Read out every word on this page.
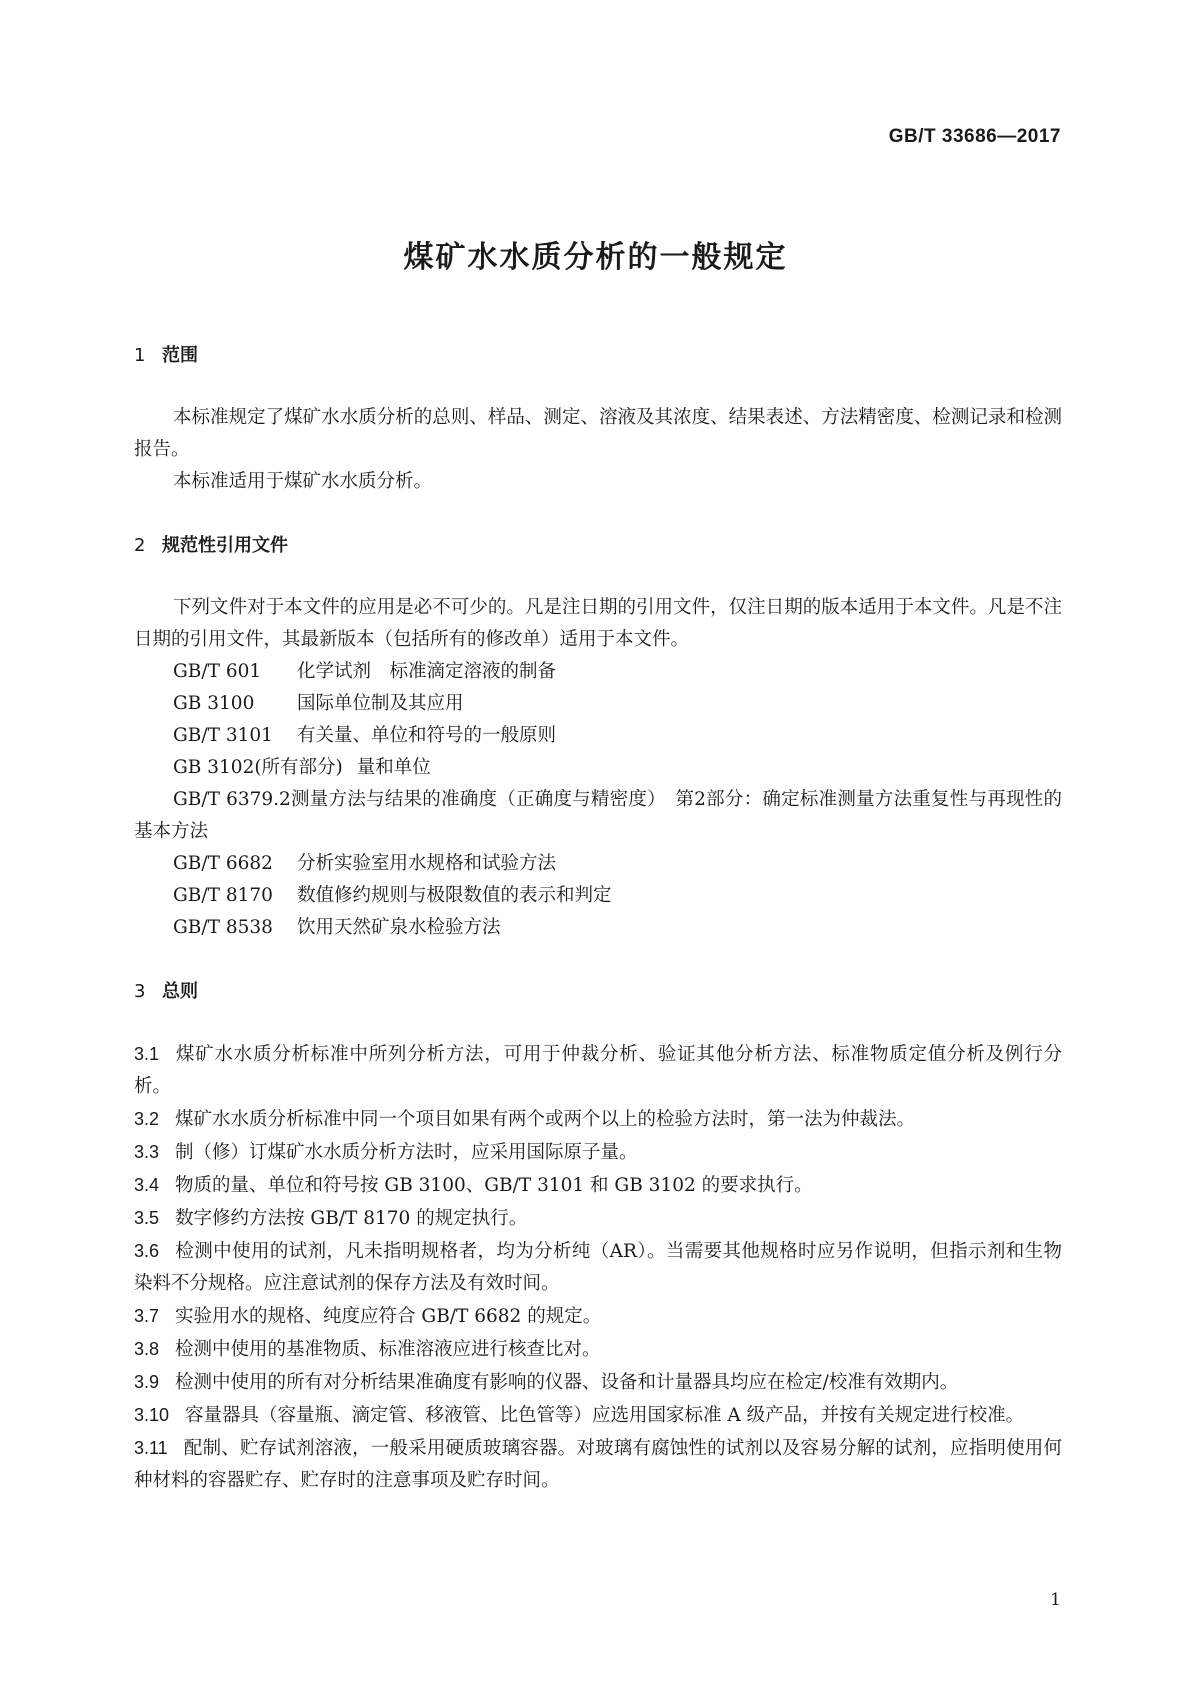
GB/T 33686—2017
煤矿水水质分析的一般规定
1 范围
本标准规定了煤矿水水质分析的总则、样品、测定、溶液及其浓度、结果表述、方法精密度、检测记录和检测报告。
本标准适用于煤矿水水质分析。
2 规范性引用文件
下列文件对于本文件的应用是必不可少的。凡是注日期的引用文件，仅注日期的版本适用于本文件。凡是不注日期的引用文件，其最新版本（包括所有的修改单）适用于本文件。
GB/T 601 化学试剂　标准滴定溶液的制备
GB 3100 国际单位制及其应用
GB/T 3101 有关量、单位和符号的一般原则
GB 3102(所有部分) 量和单位
GB/T 6379.2测量方法与结果的准确度（正确度与精密度）　第2部分：确定标准测量方法重复性与再现性的基本方法
GB/T 6682 分析实验室用水规格和试验方法
GB/T 8170 数值修约规则与极限数值的表示和判定
GB/T 8538 饮用天然矿泉水检验方法
3 总则
3.1 煤矿水水质分析标准中所列分析方法，可用于仲裁分析、验证其他分析方法、标准物质定值分析及例行分析。
3.2 煤矿水水质分析标准中同一个项目如果有两个或两个以上的检验方法时，第一法为仲裁法。
3.3 制（修）订煤矿水水质分析方法时，应采用国际原子量。
3.4 物质的量、单位和符号按 GB 3100、GB/T 3101 和 GB 3102 的要求执行。
3.5 数字修约方法按 GB/T 8170 的规定执行。
3.6 检测中使用的试剂，凡未指明规格者，均为分析纯（AR）。当需要其他规格时应另作说明，但指示剂和生物染料不分规格。应注意试剂的保存方法及有效时间。
3.7 实验用水的规格、纯度应符合 GB/T 6682 的规定。
3.8 检测中使用的基准物质、标准溶液应进行核查比对。
3.9 检测中使用的所有对分析结果准确度有影响的仪器、设备和计量器具均应在检定/校准有效期内。
3.10 容量器具（容量瓶、滴定管、移液管、比色管等）应选用国家标准 A 级产品，并按有关规定进行校准。
3.11 配制、贮存试剂溶液，一般采用硬质玻璃容器。对玻璃有腐蚀性的试剂以及容易分解的试剂，应指明使用何种材料的容器贮存、贮存时的注意事项及贮存时间。
1
